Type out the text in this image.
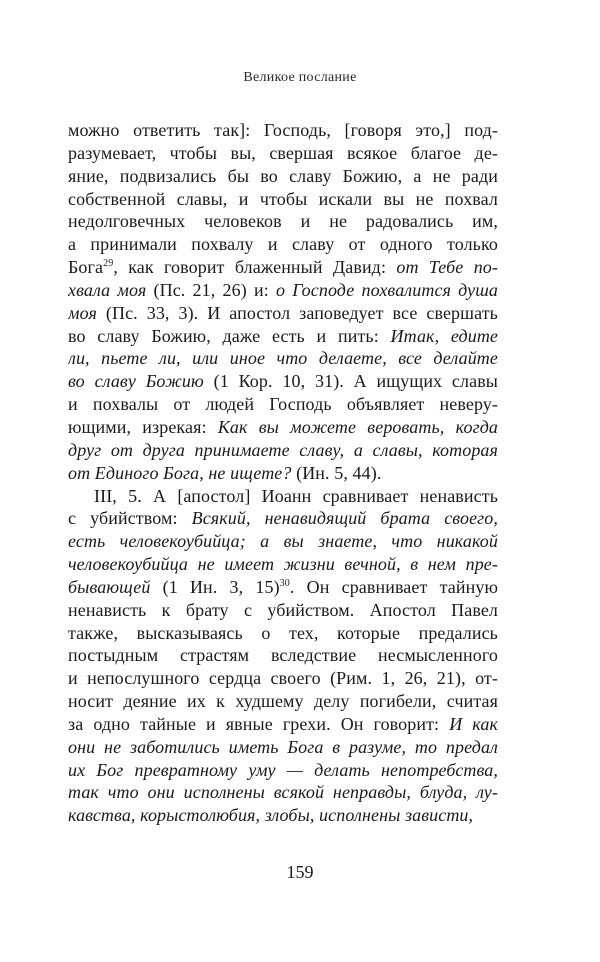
Великое послание
можно ответить так]: Господь, [говоря это,] под-
разумевает, чтобы вы, свершая всякое благое де-
яние, подвизались бы во славу Божию, а не ради
собственной славы, и чтобы искали вы не похвал
недолговечных человеков и не радовались им,
а принимали похвалу и славу от одного только
Бога$^{29}$, как говорит блаженный Давид: от Тебе по-
хвала моя (Пс. 21, 26) и: о Господе похвалится душа
моя (Пс. 33, 3). И апостол заповедует все свершать
во славу Божию, даже есть и пить: Итак, едите
ли, пьете ли, или иное что делаете, все делайте
во славу Божию (1 Кор. 10, 31). А ищущих славы
и похвалы от людей Господь объявляет неверу-
ющими, изрекая: Как вы можете веровать, когда
друг от друга принимаете славу, а славы, которая
от Единого Бога, не ищете? (Ин. 5, 44).
III, 5. А [апостол] Иоанн сравнивает ненависть
с убийством: Всякий, ненавидящий брата своего,
есть человекоубийца; а вы знаете, что никакой
человекоубийца не имеет жизни вечной, в нем пре-
бывающей (1 Ин. 3, 15)$^{30}$. Он сравнивает тайную
ненависть к брату с убийством. Апостол Павел
также, высказываясь о тех, которые предались
постыдным страстям вследствие несмысленного
и непослушного сердца своего (Рим. 1, 26, 21), от-
носит деяние их к худшему делу погибели, считая
за одно тайные и явные грехи. Он говорит: И как
они не заботились иметь Бога в разуме, то предал
их Бог превратному уму — делать непотребства,
так что они исполнены всякой неправды, блуда, лу-
кавства, корыстолюбия, злобы, исполнены зависти,
159
